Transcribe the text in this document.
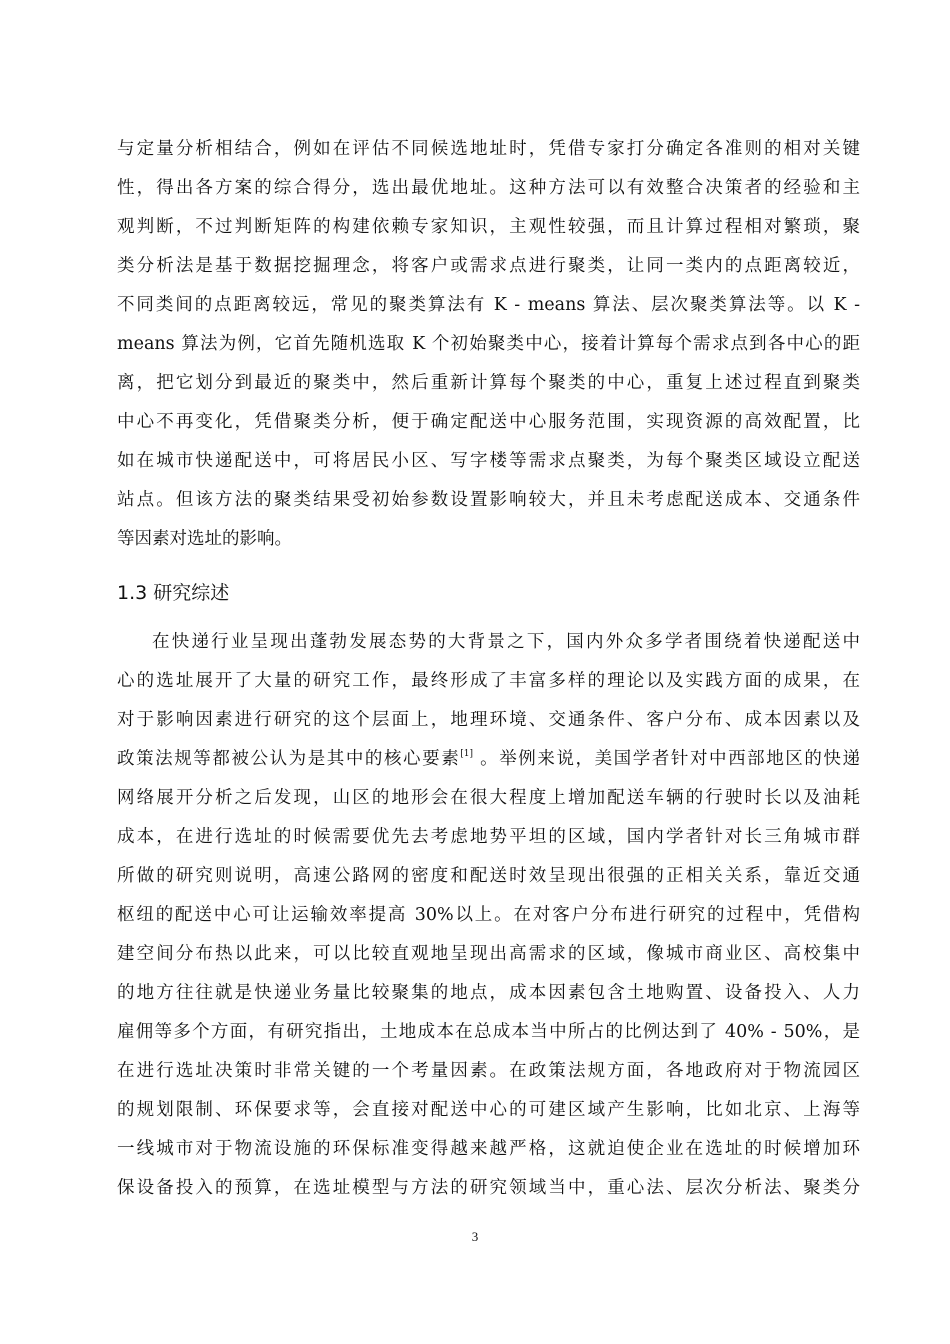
与定量分析相结合，例如在评估不同候选地址时，凭借专家打分确定各准则的相对关键
性，得出各方案的综合得分，选出最优地址。这种方法可以有效整合决策者的经验和主
观判断，不过判断矩阵的构建依赖专家知识，主观性较强，而且计算过程相对繁琐，聚
类分析法是基于数据挖掘理念，将客户或需求点进行聚类，让同一类内的点距离较近，
不同类间的点距离较远，常见的聚类算法有 K - means 算法、层次聚类算法等。以 K -
means 算法为例，它首先随机选取 K 个初始聚类中心，接着计算每个需求点到各中心的距
离，把它划分到最近的聚类中，然后重新计算每个聚类的中心，重复上述过程直到聚类
中心不再变化，凭借聚类分析，便于确定配送中心服务范围，实现资源的高效配置，比
如在城市快递配送中，可将居民小区、写字楼等需求点聚类，为每个聚类区域设立配送
站点。但该方法的聚类结果受初始参数设置影响较大，并且未考虑配送成本、交通条件
等因素对选址的影响。
1.3 研究综述
在快递行业呈现出蓬勃发展态势的大背景之下，国内外众多学者围绕着快递配送中
心的选址展开了大量的研究工作，最终形成了丰富多样的理论以及实践方面的成果，在
对于影响因素进行研究的这个层面上，地理环境、交通条件、客户分布、成本因素以及
政策法规等都被公认为是其中的核心要素[1] 。举例来说，美国学者针对中西部地区的快递
网络展开分析之后发现，山区的地形会在很大程度上增加配送车辆的行驶时长以及油耗
成本，在进行选址的时候需要优先去考虑地势平坦的区域，国内学者针对长三角城市群
所做的研究则说明，高速公路网的密度和配送时效呈现出很强的正相关关系，靠近交通
枢纽的配送中心可让运输效率提高 30%以上。在对客户分布进行研究的过程中，凭借构
建空间分布热以此来，可以比较直观地呈现出高需求的区域，像城市商业区、高校集中
的地方往往就是快递业务量比较聚集的地点，成本因素包含土地购置、设备投入、人力
雇佣等多个方面，有研究指出，土地成本在总成本当中所占的比例达到了 40% - 50%，是
在进行选址决策时非常关键的一个考量因素。在政策法规方面，各地政府对于物流园区
的规划限制、环保要求等，会直接对配送中心的可建区域产生影响，比如北京、上海等
一线城市对于物流设施的环保标准变得越来越严格，这就迫使企业在选址的时候增加环
保设备投入的预算，在选址模型与方法的研究领域当中，重心法、层次分析法、聚类分
3
